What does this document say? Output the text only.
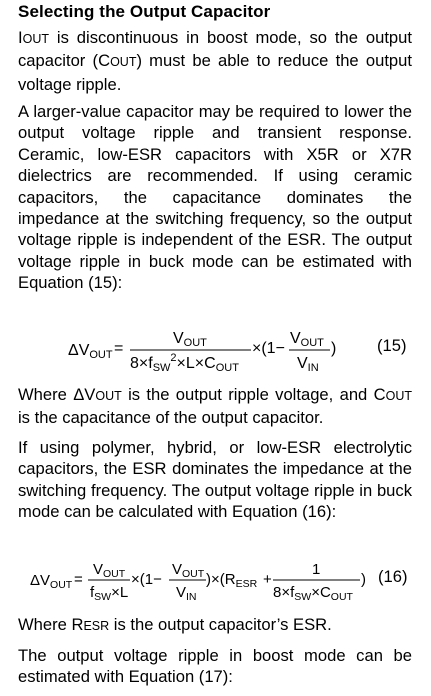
Selecting the Output Capacitor
IOUT is discontinuous in boost mode, so the output capacitor (COUT) must be able to reduce the output voltage ripple.
A larger-value capacitor may be required to lower the output voltage ripple and transient response. Ceramic, low-ESR capacitors with X5R or X7R dielectrics are recommended. If using ceramic capacitors, the capacitance dominates the impedance at the switching frequency, so the output voltage ripple is independent of the ESR. The output voltage ripple in buck mode can be estimated with Equation (15):
ΔVOUT =
VOUT
8×fSW$^2$×L×COUT
×(1−
VOUT
VIN
) (15)
Where ΔVOUT is the output ripple voltage, and COUT is the capacitance of the output capacitor.
If using polymer, hybrid, or low-ESR electrolytic capacitors, the ESR dominates the impedance at the switching frequency. The output voltage ripple in buck mode can be calculated with Equation (16):
$\Delta V_{OUT}$ =
$V_{OUT}$
$f_{SW}\times L$
×(1−
$V_{OUT}$
$V_{IN}$
)$\times(R_{ESR}$ +
1
$8\times f_{SW}\times C_{OUT}$
) (16)
Where RESR is the output capacitor’s ESR.
The output voltage ripple in boost mode can be estimated with Equation (17):
